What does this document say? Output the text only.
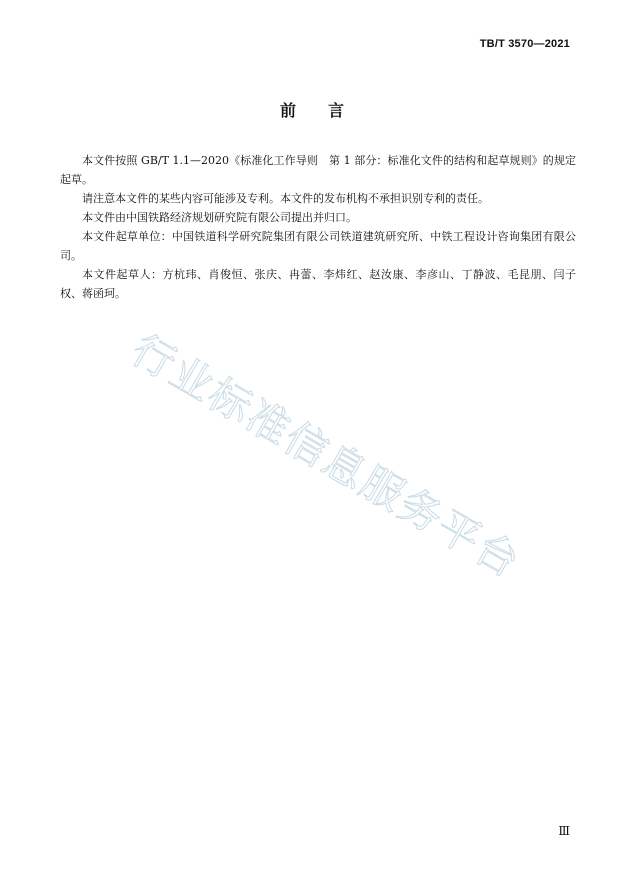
TB/T 3570—2021
前言

本文件按照 GB/T 1.1—2020《标准化工作导则　第 1 部分：标准化文件的结构和起草规则》的规定起草。

请注意本文件的某些内容可能涉及专利。本文件的发布机构不承担识别专利的责任。

本文件由中国铁路经济规划研究院有限公司提出并归口。

本文件起草单位：中国铁道科学研究院集团有限公司铁道建筑研究所、中铁工程设计咨询集团有限公司。

本文件起草人：方杭玮、肖俊恒、张庆、冉蕾、李炜红、赵汝康、李彦山、丁静波、毛昆朋、闫子权、蒋函珂。

行业标准信息服务平台
Ⅲ
